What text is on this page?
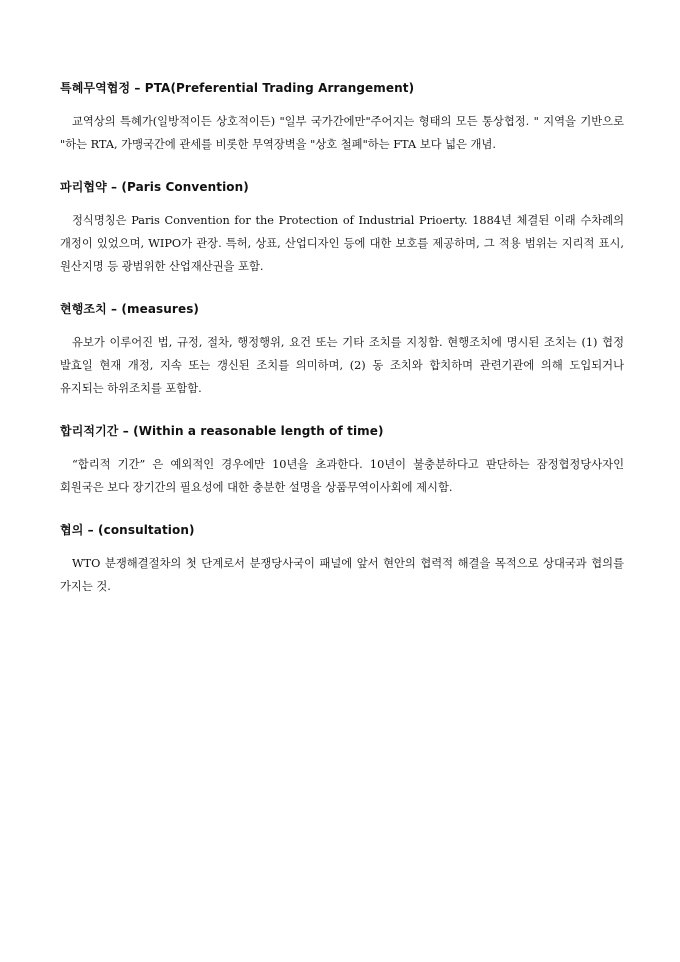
특혜무역협정 – PTA(Preferential Trading Arrangement)

교역상의 특혜가(일방적이든 상호적이든) "일부 국가간에만"주어지는 형태의 모든 통상협정. " 지역을 기반으로 "하는 RTA, 가맹국간에 관세를 비롯한 무역장벽을 "상호 철폐"하는 FTA 보다 넓은 개념.

파리협약 – (Paris Convention)

정식명칭은 Paris Convention for the Protection of Industrial Prioerty. 1884년 체결된 이래 수차례의 개정이 있었으며, WIPO가 관장. 특허, 상표, 산업디자인 등에 대한 보호를 제공하며, 그 적용 범위는 지리적 표시, 원산지명 등 광범위한 산업재산권을 포함.

현행조치 – (measures)

유보가 이루어진 법, 규정, 절차, 행정행위, 요건 또는 기타 조치를 지칭함. 현행조치에 명시된 조치는 (1) 협정 발효일 현재 개정, 지속 또는 갱신된 조치를 의미하며, (2) 동 조치와 합치하며 관련기관에 의해 도입되거나 유지되는 하위조치를 포함함.

합리적기간 – (Within a reasonable length of time)

“합리적 기간” 은 예외적인 경우에만 10년을 초과한다. 10년이 불충분하다고 판단하는 잠정협정당사자인 회원국은 보다 장기간의 필요성에 대한 충분한 설명을 상품무역이사회에 제시함.

협의 – (consultation)

WTO 분쟁해결절차의 첫 단계로서 분쟁당사국이 패널에 앞서 현안의 협력적 해결을 목적으로 상대국과 협의를 가지는 것.
